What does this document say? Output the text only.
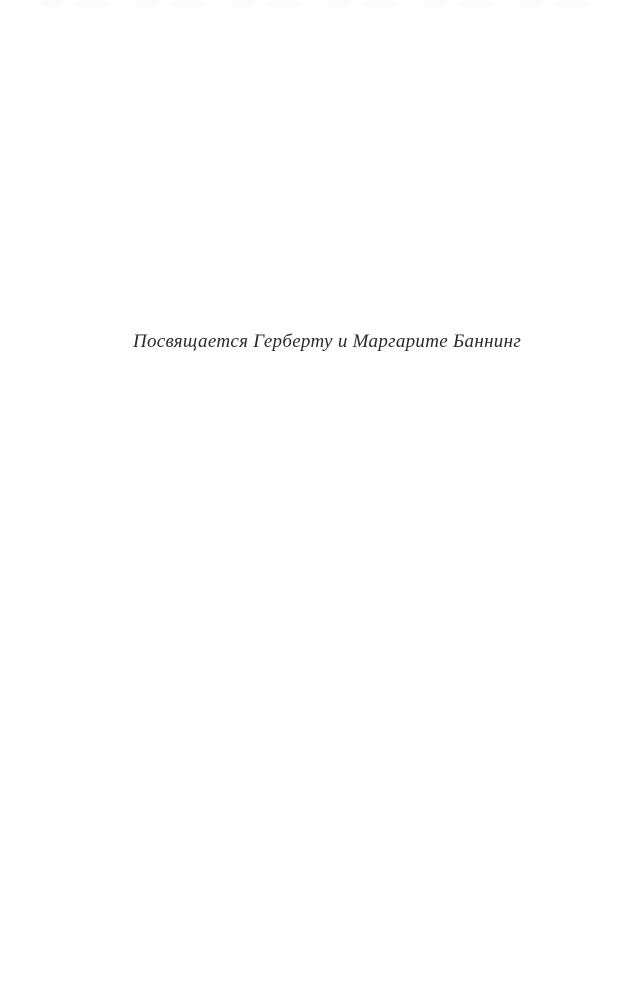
Посвящается Герберту и Маргарите Баннинг
